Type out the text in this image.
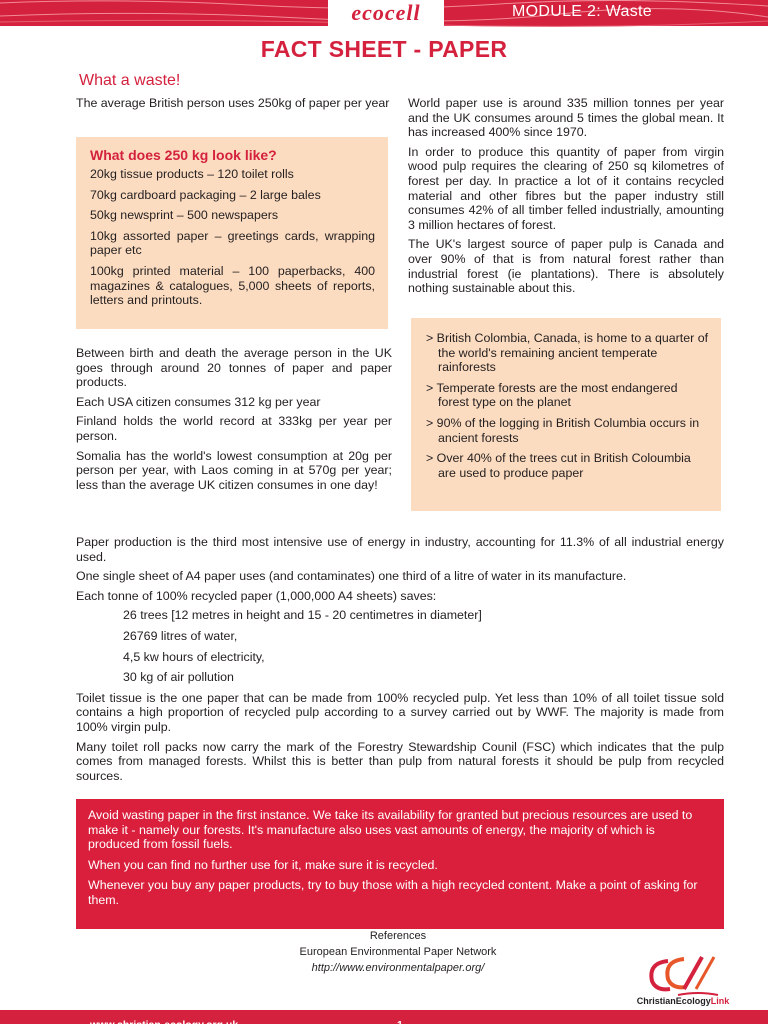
ecocell	MODULE 2: Waste
FACT SHEET - PAPER
What a waste!

The average British person uses 250kg of paper per year

What does 250 kg look like?

20kg tissue products – 120 toilet rolls

70kg cardboard packaging – 2 large bales

50kg newsprint – 500 newspapers

10kg assorted paper – greetings cards, wrapping paper etc

100kg printed material – 100 paperbacks, 400 magazines & catalogues, 5,000 sheets of reports, letters and printouts.

Between birth and death the average person in the UK goes through around 20 tonnes of paper and paper products.

Each USA citizen consumes 312 kg per year

Finland holds the world record at 333kg per year per person.

Somalia has the world's lowest consumption at 20g per person per year, with Laos coming in at 570g per year; less than the average UK citizen consumes in one day!

World paper use is around 335 million tonnes per year and the UK consumes around 5 times the global mean. It has increased 400% since 1970.

In order to produce this quantity of paper from virgin wood pulp requires the clearing of 250 sq kilometres of forest per day. In practice a lot of it contains recycled material and other fibres but the paper industry still consumes 42% of all timber felled industrially, amounting 3 million hectares of forest.

The UK's largest source of paper pulp is Canada and over 90% of that is from natural forest rather than industrial forest (ie plantations). There is absolutely nothing sustainable about this.

> British Colombia, Canada, is home to a quarter of the world's remaining ancient temperate rainforests
> Temperate forests are the most endangered forest type on the planet
> 90% of the logging in British Columbia occurs in ancient forests
> Over 40% of the trees cut in British Coloumbia are used to produce paper

Paper production is the third most intensive use of energy in industry, accounting for 11.3% of all industrial energy used.

One single sheet of A4 paper uses (and contaminates) one third of a litre of water in its manufacture.

Each tonne of 100% recycled paper (1,000,000 A4 sheets) saves:

26 trees [12 metres in height and 15 - 20 centimetres in diameter]

26769 litres of water,

4,5 kw hours of electricity,

30 kg of air pollution

Toilet tissue is the one paper that can be made from 100% recycled pulp. Yet less than 10% of all toilet tissue sold contains a high proportion of recycled pulp according to a survey carried out by WWF. The majority is made from 100% virgin pulp.

Many toilet roll packs now carry the mark of the Forestry Stewardship Counil (FSC) which indicates that the pulp comes from managed forests. Whilst this is better than pulp from natural forests it should be pulp from recycled sources.

Avoid wasting paper in the first instance. We take its availability for granted but precious resources are used to make it - namely our forests. It's manufacture also uses vast amounts of energy, the majority of which is produced from fossil fuels.

When you can find no further use for it, make sure it is recycled.

Whenever you buy any paper products, try to buy those with a high recycled content. Make a point of asking for them.

References
European Environmental Paper Network
http://www.environmentalpaper.org/
ChristianEcologyLink
www.christian-ecology.org.uk	1
